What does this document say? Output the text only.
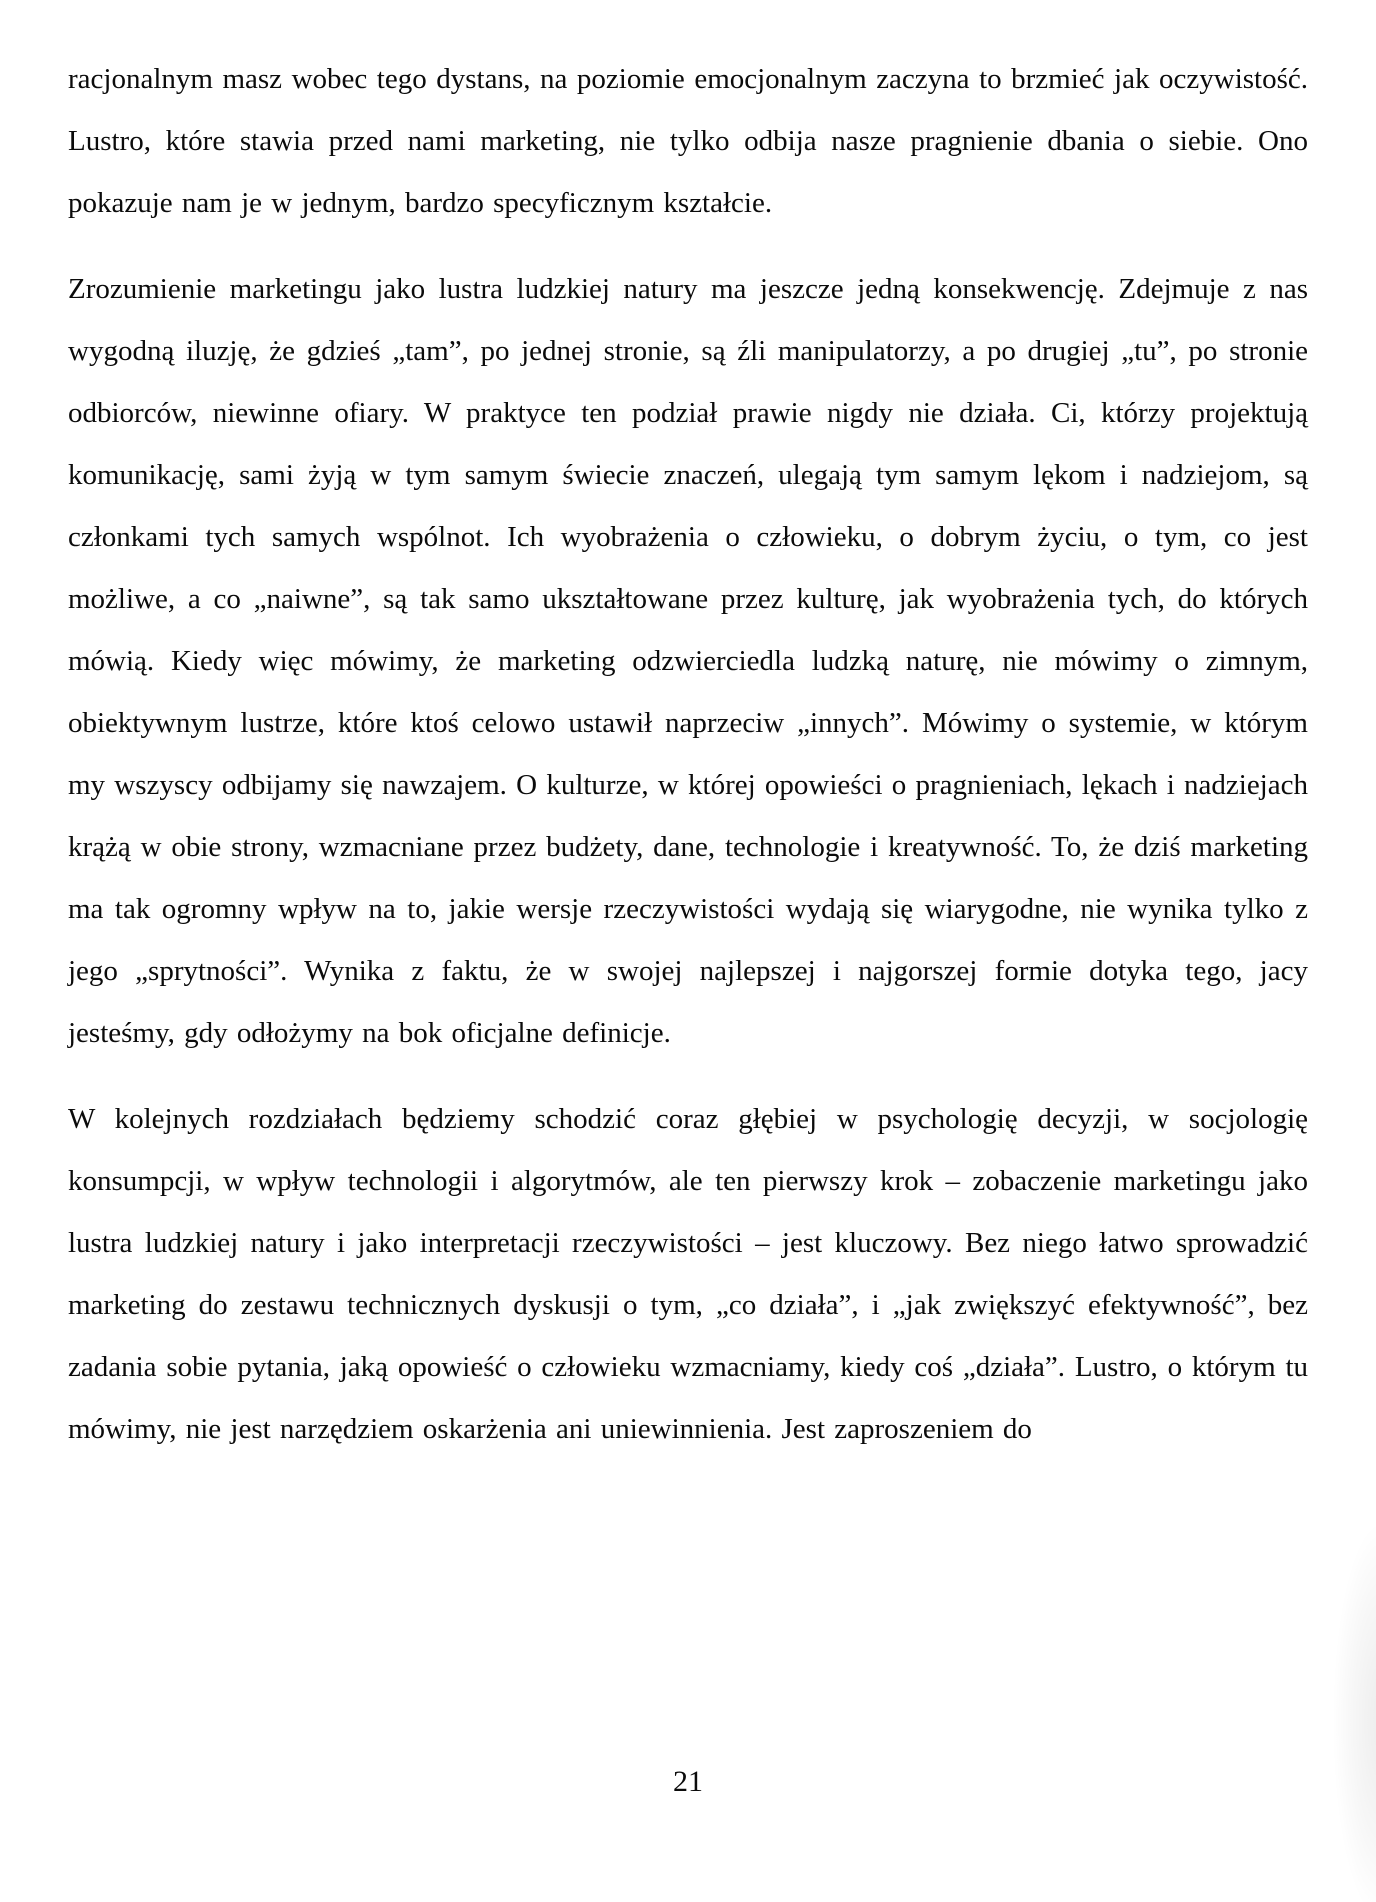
racjonalnym masz wobec tego dystans, na poziomie emocjonalnym zaczyna to brzmieć jak oczywistość. Lustro, które stawia przed nami marketing, nie tylko odbija nasze pragnienie dbania o siebie. Ono pokazuje nam je w jednym, bardzo specyficznym kształcie.

Zrozumienie marketingu jako lustra ludzkiej natury ma jeszcze jedną konsekwencję. Zdejmuje z nas wygodną iluzję, że gdzieś „tam”, po jednej stronie, są źli manipulatorzy, a po drugiej „tu”, po stronie odbiorców, niewinne ofiary. W praktyce ten podział prawie nigdy nie działa. Ci, którzy projektują komunikację, sami żyją w tym samym świecie znaczeń, ulegają tym samym lękom i nadziejom, są członkami tych samych wspólnot. Ich wyobrażenia o człowieku, o dobrym życiu, o tym, co jest możliwe, a co „naiwne”, są tak samo ukształtowane przez kulturę, jak wyobrażenia tych, do których mówią. Kiedy więc mówimy, że marketing odzwierciedla ludzką naturę, nie mówimy o zimnym, obiektywnym lustrze, które ktoś celowo ustawił naprzeciw „innych”. Mówimy o systemie, w którym my wszyscy odbijamy się nawzajem. O kulturze, w której opowieści o pragnieniach, lękach i nadziejach krążą w obie strony, wzmacniane przez budżety, dane, technologie i kreatywność. To, że dziś marketing ma tak ogromny wpływ na to, jakie wersje rzeczywistości wydają się wiarygodne, nie wynika tylko z jego „sprytności”. Wynika z faktu, że w swojej najlepszej i najgorszej formie dotyka tego, jacy jesteśmy, gdy odłożymy na bok oficjalne definicje.

W kolejnych rozdziałach będziemy schodzić coraz głębiej w psychologię decyzji, w socjologię konsumpcji, w wpływ technologii i algorytmów, ale ten pierwszy krok – zobaczenie marketingu jako lustra ludzkiej natury i jako interpretacji rzeczywistości – jest kluczowy. Bez niego łatwo sprowadzić marketing do zestawu technicznych dyskusji o tym, „co działa”, i „jak zwiększyć efektywność”, bez zadania sobie pytania, jaką opowieść o człowieku wzmacniamy, kiedy coś „działa”. Lustro, o którym tu mówimy, nie jest narzędziem oskarżenia ani uniewinnienia. Jest zaproszeniem do

21
